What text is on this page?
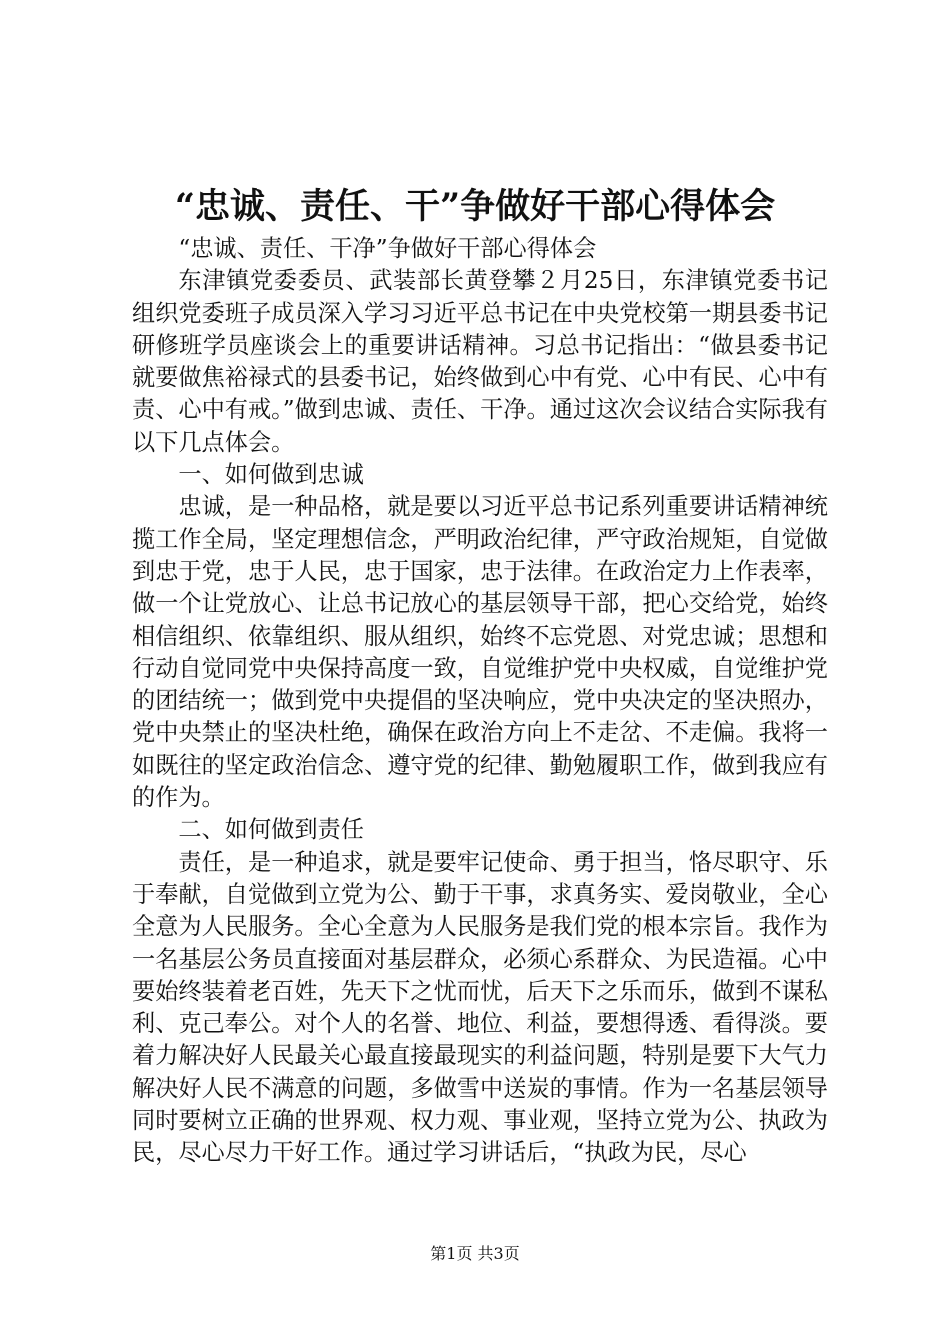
“忠诚、责任、干”争做好干部心得体会

“忠诚、责任、干净”争做好干部心得体会

东津镇党委委员、武装部长黄登攀２月25日，东津镇党委书记组织党委班子成员深入学习习近平总书记在中央党校第一期县委书记研修班学员座谈会上的重要讲话精神。习总书记指出：“做县委书记就要做焦裕禄式的县委书记，始终做到心中有党、心中有民、心中有责、心中有戒。”做到忠诚、责任、干净。通过这次会议结合实际我有以下几点体会。

一、如何做到忠诚

忠诚，是一种品格，就是要以习近平总书记系列重要讲话精神统揽工作全局，坚定理想信念，严明政治纪律，严守政治规矩，自觉做到忠于党，忠于人民，忠于国家，忠于法律。在政治定力上作表率，做一个让党放心、让总书记放心的基层领导干部，把心交给党，始终相信组织、依靠组织、服从组织，始终不忘党恩、对党忠诚；思想和行动自觉同党中央保持高度一致，自觉维护党中央权威，自觉维护党的团结统一；做到党中央提倡的坚决响应，党中央决定的坚决照办，党中央禁止的坚决杜绝，确保在政治方向上不走岔、不走偏。我将一如既往的坚定政治信念、遵守党的纪律、勤勉履职工作，做到我应有的作为。

二、如何做到责任

责任，是一种追求，就是要牢记使命、勇于担当，恪尽职守、乐于奉献，自觉做到立党为公、勤于干事，求真务实、爱岗敬业，全心全意为人民服务。全心全意为人民服务是我们党的根本宗旨。我作为一名基层公务员直接面对基层群众，必须心系群众、为民造福。心中要始终装着老百姓，先天下之忧而忧，后天下之乐而乐，做到不谋私利、克己奉公。对个人的名誉、地位、利益，要想得透、看得淡。要着力解决好人民最关心最直接最现实的利益问题，特别是要下大气力解决好人民不满意的问题，多做雪中送炭的事情。作为一名基层领导同时要树立正确的世界观、权力观、事业观，坚持立党为公、执政为民，尽心尽力干好工作。通过学习讲话后，“执政为民，尽心

第1页 共3页
